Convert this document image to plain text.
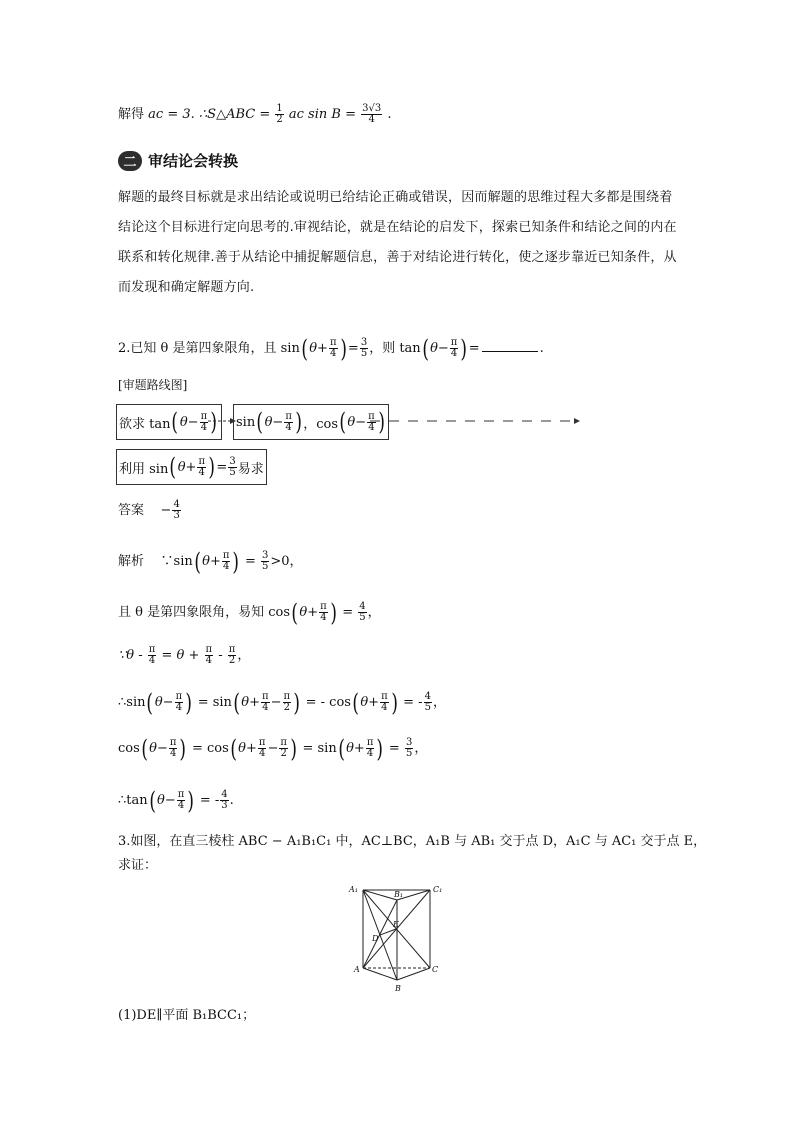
解得 ac = 3. ∴S△ABC = $\frac{1}{2}$ ac $\sin B = \frac{3√3}{4}$ .
二 审结论会转换
解题的最终目标就是求出结论或说明已给结论正确或错误，因而解题的思维过程大多都是围绕着结论这个目标进行定向思考的.审视结论，就是在结论的启发下，探索已知条件和结论之间的内在联系和转化规律.善于从结论中捕捉解题信息，善于对结论进行转化，使之逐步靠近已知条件，从而发现和确定解题方向.
2.已知 θ 是第四象限角，且 $\sin(\theta+ \frac{\pi}{4}$ )= $\frac{3}{5}$ ，则 $\tan(\theta- \frac{\pi}{4}$ )=	.
[审题路线图]
欲求 tan ( $\theta- \frac{\pi}{4}$ ) sin ( $\theta- \frac{\pi}{4}$ ) ，cos ( $\theta- \frac{\pi}{4}$ )
利用 sin ( $\theta+ \frac{\pi}{4}$ ) = $\frac{3}{5}$ 易求
答案 − $\frac{4}{3}$
解析 ∵sin(θ+ $\frac{\pi}{4}$ ) = $\frac{3}{5} >0$，
且 θ 是第四象限角，易知 $\cos(\theta+ \frac{\pi}{4}$ ) = $\frac{4}{5}$ ，
∵θ - $\frac{\pi}{4} = \theta + \frac{\pi}{4} - \frac{\pi}{2}$ ，
∴sin(θ− $\frac{\pi}{4}$ ) = $\sin(\theta+ \frac{\pi}{4} - \frac{\pi}{2}$ ) = - $\cos(\theta+ \frac{\pi}{4}$ ) = - $\frac{4}{5}$ ，
$\cos(\theta- \frac{\pi}{4}$ ) = $\cos(\theta+ \frac{\pi}{4} - \frac{\pi}{2}$ ) = $\sin(\theta+ \frac{\pi}{4}$ ) = $\frac{3}{5}$ ，
∴tan(θ− $\frac{\pi}{4}$ ) = - $\frac{4}{3}$ .
3.如图，在直三棱柱 ABC − A₁B₁C₁ 中，AC⊥BC，A₁B 与 AB₁ 交于点 D，A₁C 与 AC₁ 交于点 E，
求证：
A₁
B₁
C₁
E
D
A	C
B
(1)DE∥平面 B₁BCC₁；
